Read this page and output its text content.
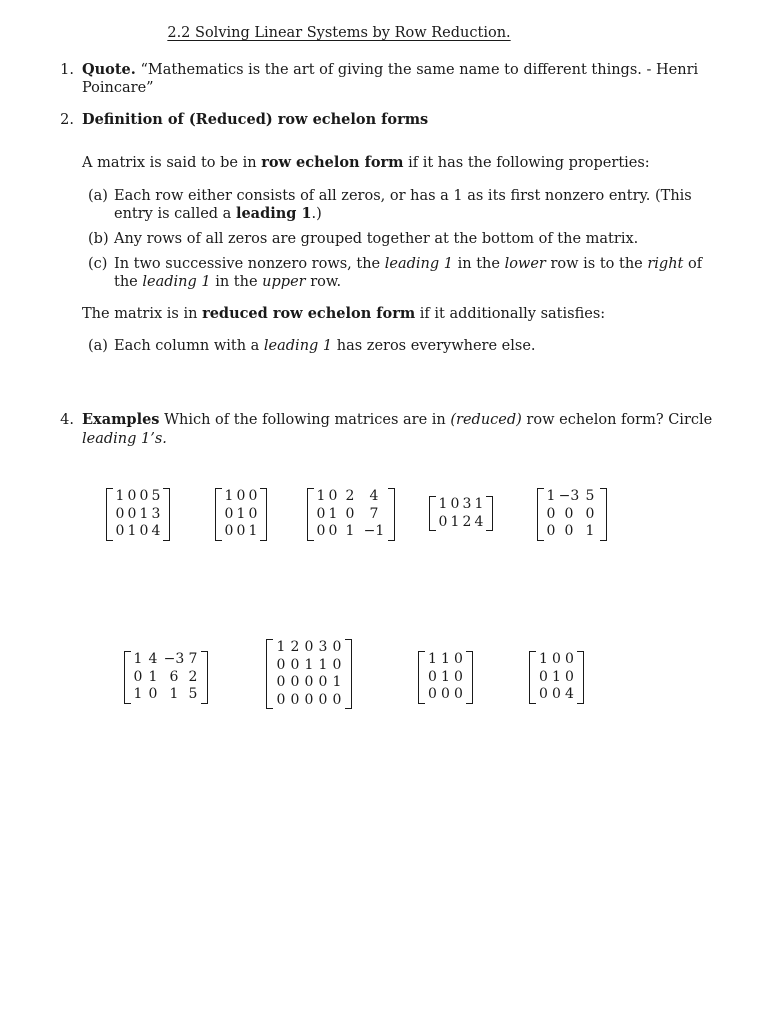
2.2 Solving Linear Systems by Row Reduction.
1. Quote. “Mathematics is the art of giving the same name to different things. - Henri
Poincare”
2. Definition of (Reduced) row echelon forms
A matrix is said to be in row echelon form if it has the following properties:
(a) Each row either consists of all zeros, or has a 1 as its first nonzero entry. (This
entry is called a leading 1.)
(b) Any rows of all zeros are grouped together at the bottom of the matrix.
(c) In two successive nonzero rows, the leading 1 in the lower row is to the right of
the leading 1 in the upper row.
The matrix is in reduced row echelon form if it additionally satisfies:
(a) Each column with a leading 1 has zeros everywhere else.
4. Examples Which of the following matrices are in (reduced) row echelon form? Circle
leading 1’s.
1 0 0 5
0 0 1 3
0 1 0 4
1 0 0
0 1 0
0 0 1
1 0 2	4
0 1 0	7
0 0 1 −1
1 0 3 1
0 1 2 4
1 −3 5
0 0 0
0 0 1
1 4 −3 7
0 1 6 2
1 0 1 5
1 2 0 3 0
0 0 1 1 0
0 0 0 0 1
0 0 0 0 0
1 1 0
0 1 0
0 0 0
1 0 0
0 1 0
0 0 4
